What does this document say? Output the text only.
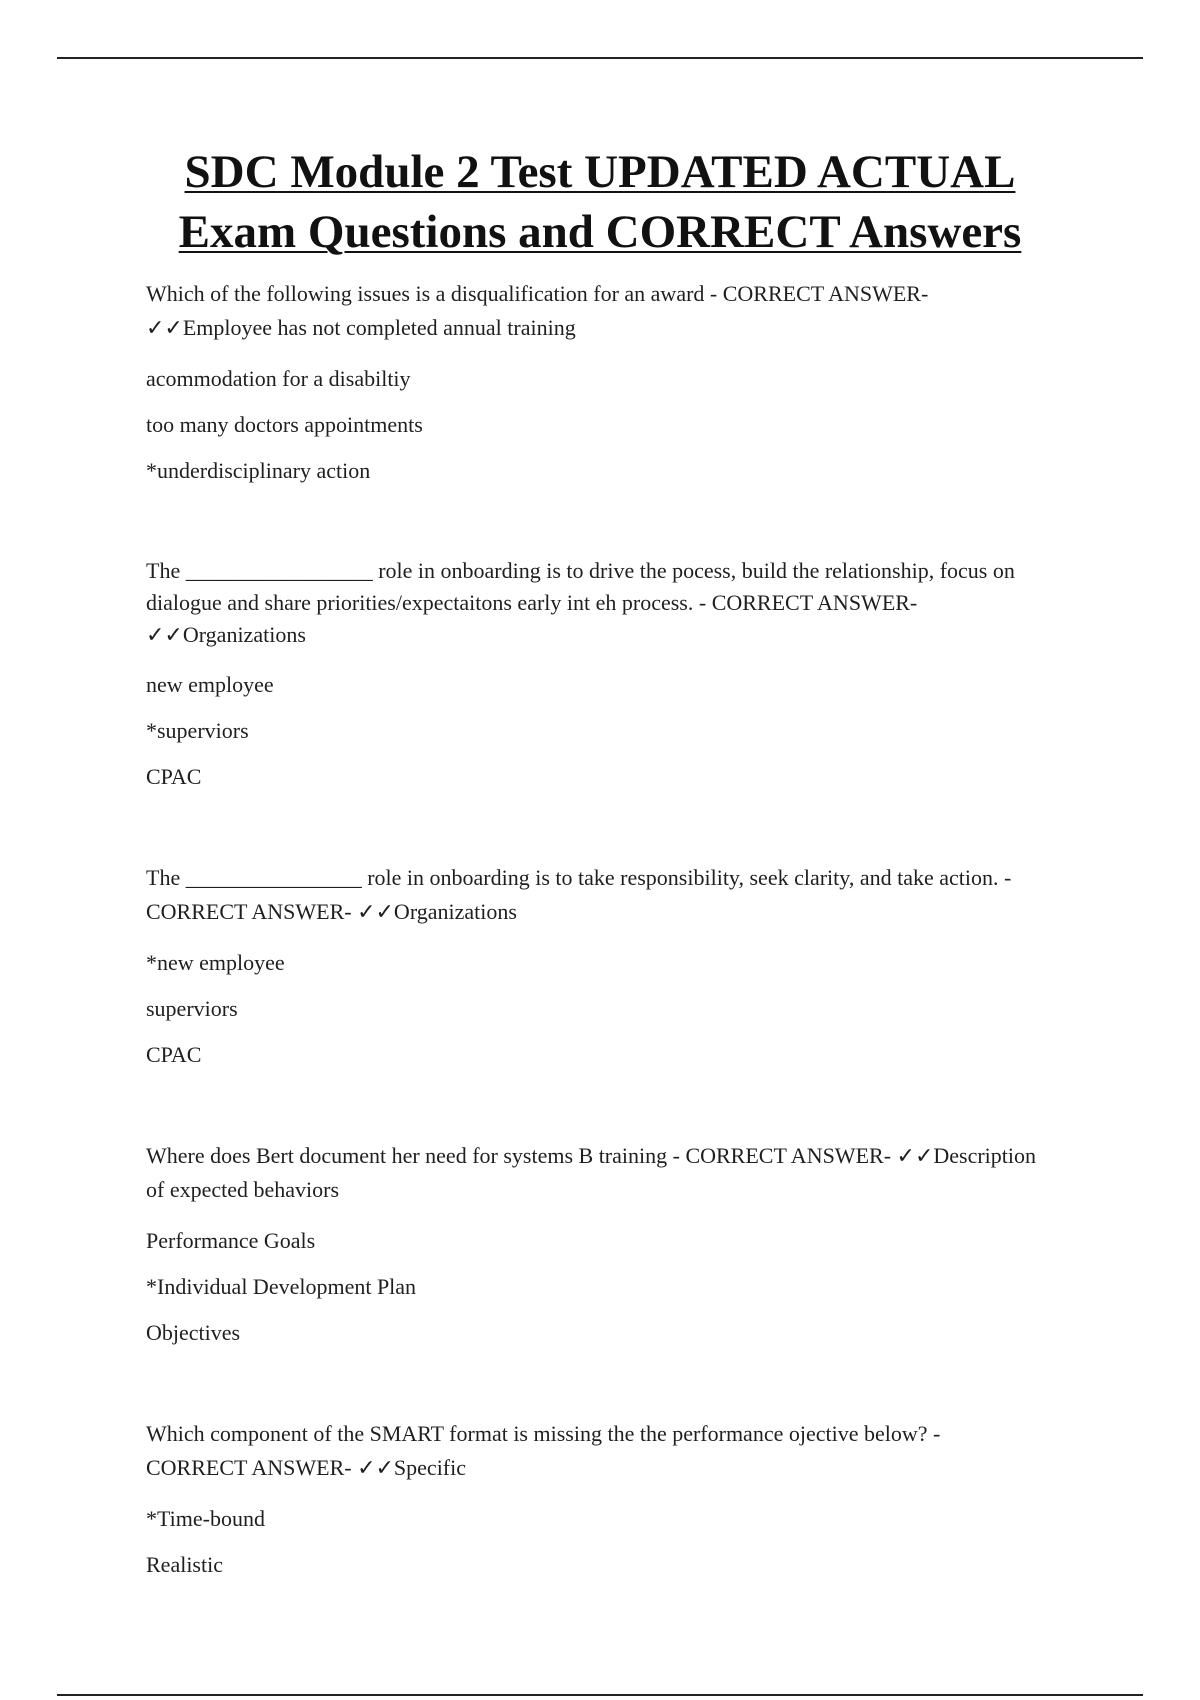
SDC Module 2 Test UPDATED ACTUAL
Exam Questions and CORRECT Answers

Which of the following issues is a disqualification for an award - CORRECT ANSWER- ✓✓Employee has not completed annual training

acommodation for a disabiltiy

too many doctors appointments

*underdisciplinary action

The _________________ role in onboarding is to drive the pocess, build the relationship, focus on dialogue and share priorities/expectaitons early int eh process. - CORRECT ANSWER- ✓✓Organizations

new employee

*superviors

CPAC

The ________________ role in onboarding is to take responsibility, seek clarity, and take action. - CORRECT ANSWER- ✓✓Organizations

*new employee

superviors

CPAC

Where does Bert document her need for systems B training - CORRECT ANSWER- ✓✓Description of expected behaviors

Performance Goals

*Individual Development Plan

Objectives

Which component of the SMART format is missing the the performance ojective below? - CORRECT ANSWER- ✓✓Specific

*Time-bound

Realistic
